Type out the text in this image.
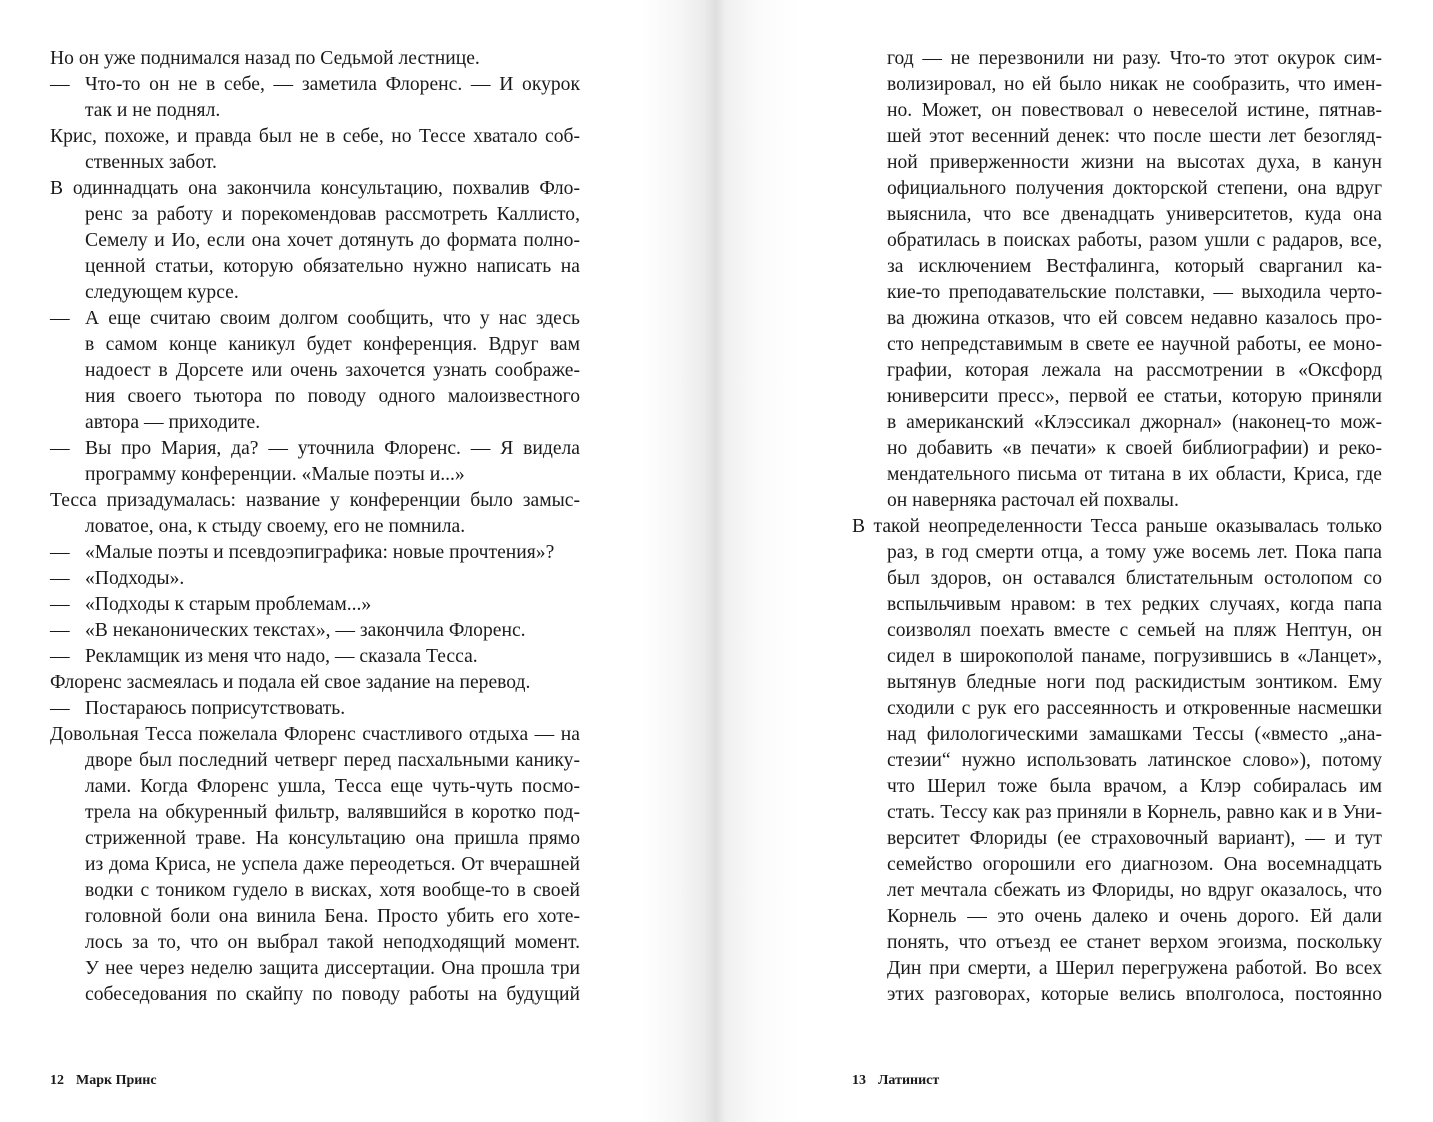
Но он уже поднимался назад по Седьмой лестнице.
— Что-то он не в себе, — заметила Флоренс. — И окурок
так и не поднял.
Крис, похоже, и правда был не в себе, но Тессе хватало соб-
ственных забот.
В одиннадцать она закончила консультацию, похвалив Фло-
ренс за работу и порекомендовав рассмотреть Каллисто,
Семелу и Ио, если она хочет дотянуть до формата полно-
ценной статьи, которую обязательно нужно написать на
следующем курсе.
— А еще считаю своим долгом сообщить, что у нас здесь
в самом конце каникул будет конференция. Вдруг вам
надоест в Дорсете или очень захочется узнать соображе-
ния своего тьютора по поводу одного малоизвестного
автора — приходите.
— Вы про Мария, да? — уточнила Флоренс. — Я видела
программу конференции. «Малые поэты и...»
Тесса призадумалась: название у конференции было замыс-
ловатое, она, к стыду своему, его не помнила.
— «Малые поэты и псевдоэпиграфика: новые прочтения»?
— «Подходы».
— «Подходы к старым проблемам...»
— «В неканонических текстах», — закончила Флоренс.
— Рекламщик из меня что надо, — сказала Тесса.
Флоренс засмеялась и подала ей свое задание на перевод.
— Постараюсь поприсутствовать.
Довольная Тесса пожелала Флоренс счастливого отдыха — на
дворе был последний четверг перед пасхальными канику-
лами. Когда Флоренс ушла, Тесса еще чуть-чуть посмо-
трела на обкуренный фильтр, валявшийся в коротко под-
стриженной траве. На консультацию она пришла прямо
из дома Криса, не успела даже переодеться. От вчерашней
водки с тоником гудело в висках, хотя вообще-то в своей
головной боли она винила Бена. Просто убить его хоте-
лось за то, что он выбрал такой неподходящий момент.
У нее через неделю защита диссертации. Она прошла три
собеседования по скайпу по поводу работы на будущий
год — не перезвонили ни разу. Что-то этот окурок сим-
волизировал, но ей было никак не сообразить, что имен-
но. Может, он повествовал о невеселой истине, пятнав-
шей этот весенний денек: что после шести лет безогляд-
ной приверженности жизни на высотах духа, в канун
официального получения докторской степени, она вдруг
выяснила, что все двенадцать университетов, куда она
обратилась в поисках работы, разом ушли с радаров, все,
за исключением Вестфалинга, который сварганил ка-
кие-то преподавательские полставки, — выходила черто-
ва дюжина отказов, что ей совсем недавно казалось про-
сто непредставимым в свете ее научной работы, ее моно-
графии, которая лежала на рассмотрении в «Оксфорд
юниверсити пресс», первой ее статьи, которую приняли
в американский «Клэссикал джорнал» (наконец-то мож-
но добавить «в печати» к своей библиографии) и реко-
мендательного письма от титана в их области, Криса, где
он наверняка расточал ей похвалы.
В такой неопределенности Тесса раньше оказывалась только
раз, в год смерти отца, а тому уже восемь лет. Пока папа
был здоров, он оставался блистательным остолопом со
вспыльчивым нравом: в тех редких случаях, когда папа
соизволял поехать вместе с семьей на пляж Нептун, он
сидел в широкополой панаме, погрузившись в «Ланцет»,
вытянув бледные ноги под раскидистым зонтиком. Ему
сходили с рук его рассеянность и откровенные насмешки
над филологическими замашками Тессы («вместо „ана-
стезии“ нужно использовать латинское слово»), потому
что Шерил тоже была врачом, а Клэр собиралась им
стать. Тессу как раз приняли в Корнель, равно как и в Уни-
верситет Флориды (ее страховочный вариант), — и тут
семейство огорошили его диагнозом. Она восемнадцать
лет мечтала сбежать из Флориды, но вдруг оказалось, что
Корнель — это очень далеко и очень дорого. Ей дали
понять, что отъезд ее станет верхом эгоизма, поскольку
Дин при смерти, а Шерил перегружена работой. Во всех
этих разговорах, которые велись вполголоса, постоянно
12 Марк Принс	13 Латинист
